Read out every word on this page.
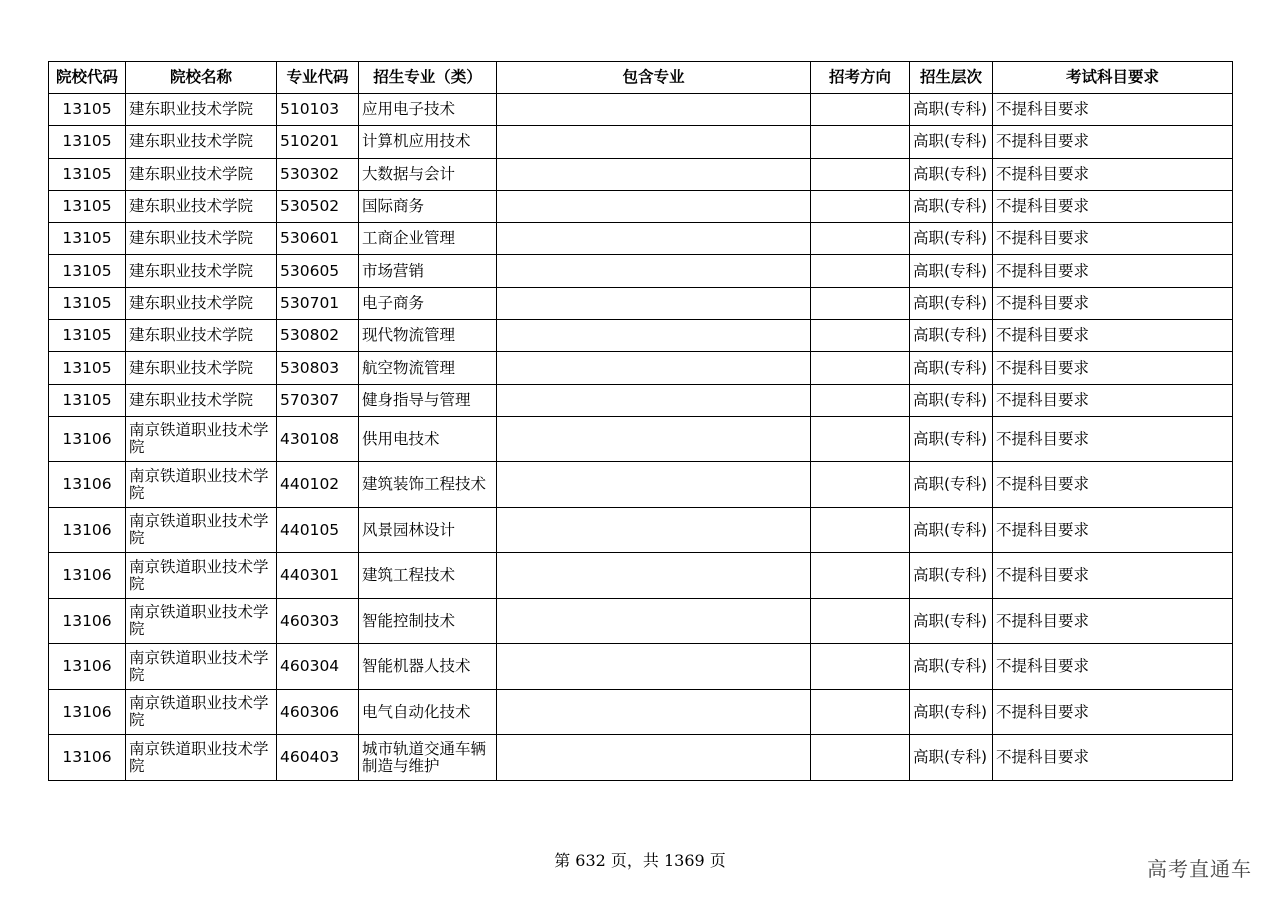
院校代码	院校名称	专业代码	招生专业（类）	包含专业	招考方向	招生层次	考试科目要求
13105	建东职业技术学院	510103	应用电子技术			高职(专科)	不提科目要求
13105	建东职业技术学院	510201	计算机应用技术			高职(专科)	不提科目要求
13105	建东职业技术学院	530302	大数据与会计			高职(专科)	不提科目要求
13105	建东职业技术学院	530502	国际商务			高职(专科)	不提科目要求
13105	建东职业技术学院	530601	工商企业管理			高职(专科)	不提科目要求
13105	建东职业技术学院	530605	市场营销			高职(专科)	不提科目要求
13105	建东职业技术学院	530701	电子商务			高职(专科)	不提科目要求
13105	建东职业技术学院	530802	现代物流管理			高职(专科)	不提科目要求
13105	建东职业技术学院	530803	航空物流管理			高职(专科)	不提科目要求
13105	建东职业技术学院	570307	健身指导与管理			高职(专科)	不提科目要求
13106	南京铁道职业技术学院	430108	供用电技术			高职(专科)	不提科目要求
13106	南京铁道职业技术学院	440102	建筑装饰工程技术			高职(专科)	不提科目要求
13106	南京铁道职业技术学院	440105	风景园林设计			高职(专科)	不提科目要求
13106	南京铁道职业技术学院	440301	建筑工程技术			高职(专科)	不提科目要求
13106	南京铁道职业技术学院	460303	智能控制技术			高职(专科)	不提科目要求
13106	南京铁道职业技术学院	460304	智能机器人技术			高职(专科)	不提科目要求
13106	南京铁道职业技术学院	460306	电气自动化技术			高职(专科)	不提科目要求
13106	南京铁道职业技术学院	460403	城市轨道交通车辆制造与维护			高职(专科)	不提科目要求
第 632 页，共 1369 页	高考直通车
